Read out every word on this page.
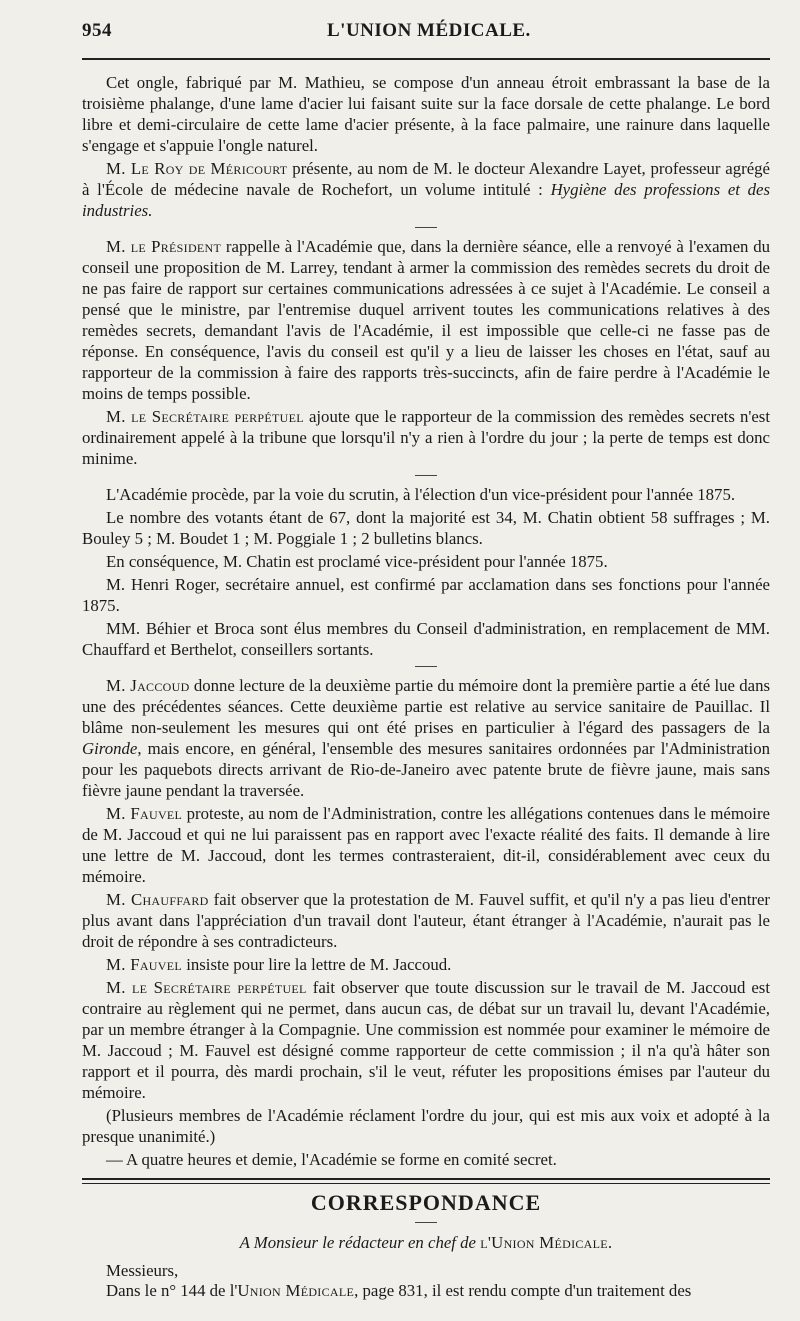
954	L'UNION MÉDICALE.

Cet ongle, fabriqué par M. Mathieu, se compose d'un anneau étroit embrassant la base de la troisième phalange, d'une lame d'acier lui faisant suite sur la face dorsale de cette phalange. Le bord libre et demi-circulaire de cette lame d'acier présente, à la face palmaire, une rainure dans laquelle s'engage et s'appuie l'ongle naturel.

M. Le Roy de Méricourt présente, au nom de M. le docteur Alexandre Layet, professeur agrégé à l'École de médecine navale de Rochefort, un volume intitulé : Hygiène des professions et des industries.

M. le Président rappelle à l'Académie que, dans la dernière séance, elle a renvoyé à l'examen du conseil une proposition de M. Larrey, tendant à armer la commission des remèdes secrets du droit de ne pas faire de rapport sur certaines communications adressées à ce sujet à l'Académie. Le conseil a pensé que le ministre, par l'entremise duquel arrivent toutes les communications relatives à des remèdes secrets, demandant l'avis de l'Académie, il est impossible que celle-ci ne fasse pas de réponse. En conséquence, l'avis du conseil est qu'il y a lieu de laisser les choses en l'état, sauf au rapporteur de la commission à faire des rapports très-succincts, afin de faire perdre à l'Académie le moins de temps possible.

M. le Secrétaire perpétuel ajoute que le rapporteur de la commission des remèdes secrets n'est ordinairement appelé à la tribune que lorsqu'il n'y a rien à l'ordre du jour ; la perte de temps est donc minime.

L'Académie procède, par la voie du scrutin, à l'élection d'un vice-président pour l'année 1875.

Le nombre des votants étant de 67, dont la majorité est 34, M. Chatin obtient 58 suffrages ; M. Bouley 5 ; M. Boudet 1 ; M. Poggiale 1 ; 2 bulletins blancs.

En conséquence, M. Chatin est proclamé vice-président pour l'année 1875.

M. Henri Roger, secrétaire annuel, est confirmé par acclamation dans ses fonctions pour l'année 1875.

MM. Béhier et Broca sont élus membres du Conseil d'administration, en remplacement de MM. Chauffard et Berthelot, conseillers sortants.

M. Jaccoud donne lecture de la deuxième partie du mémoire dont la première partie a été lue dans une des précédentes séances. Cette deuxième partie est relative au service sanitaire de Pauillac. Il blâme non-seulement les mesures qui ont été prises en particulier à l'égard des passagers de la Gironde, mais encore, en général, l'ensemble des mesures sanitaires ordonnées par l'Administration pour les paquebots directs arrivant de Rio-de-Janeiro avec patente brute de fièvre jaune, mais sans fièvre jaune pendant la traversée.

M. Fauvel proteste, au nom de l'Administration, contre les allégations contenues dans le mémoire de M. Jaccoud et qui ne lui paraissent pas en rapport avec l'exacte réalité des faits. Il demande à lire une lettre de M. Jaccoud, dont les termes contrasteraient, dit-il, considérablement avec ceux du mémoire.

M. Chauffard fait observer que la protestation de M. Fauvel suffit, et qu'il n'y a pas lieu d'entrer plus avant dans l'appréciation d'un travail dont l'auteur, étant étranger à l'Académie, n'aurait pas le droit de répondre à ses contradicteurs.

M. Fauvel insiste pour lire la lettre de M. Jaccoud.

M. le Secrétaire perpétuel fait observer que toute discussion sur le travail de M. Jaccoud est contraire au règlement qui ne permet, dans aucun cas, de débat sur un travail lu, devant l'Académie, par un membre étranger à la Compagnie. Une commission est nommée pour examiner le mémoire de M. Jaccoud ; M. Fauvel est désigné comme rapporteur de cette commission ; il n'a qu'à hâter son rapport et il pourra, dès mardi prochain, s'il le veut, réfuter les propositions émises par l'auteur du mémoire.

(Plusieurs membres de l'Académie réclament l'ordre du jour, qui est mis aux voix et adopté à la presque unanimité.)

— A quatre heures et demie, l'Académie se forme en comité secret.

CORRESPONDANCE
A Monsieur le rédacteur en chef de l'Union Médicale.
Messieurs,
Dans le n° 144 de l'Union Médicale, page 831, il est rendu compte d'un traitement des
